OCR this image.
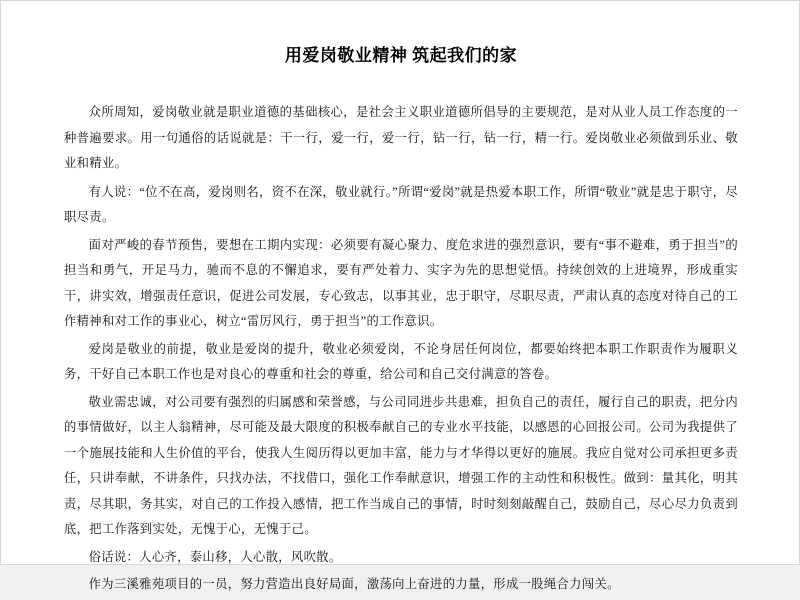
用爱岗敬业精神 筑起我们的家

众所周知，爱岗敬业就是职业道德的基础核心，是社会主义职业道德所倡导的主要规范，是对从业人员工作态度的一种普遍要求。用一句通俗的话说就是：干一行，爱一行，爱一行，钻一行，钻一行，精一行。爱岗敬业必须做到乐业、敬业和精业。

有人说：“位不在高，爱岗则名，资不在深，敬业就行。”所谓“爱岗”就是热爱本职工作，所谓“敬业”就是忠于职守，尽职尽责。

面对严峻的春节预售，要想在工期内实现：必须要有凝心聚力、度危求进的强烈意识，要有“事不避难，勇于担当”的担当和勇气，开足马力，驰而不息的不懈追求，要有严处着力、实字为先的思想觉悟。持续创效的上进境界，形成重实干，讲实效，增强责任意识，促进公司发展，专心致志，以事其业，忠于职守，尽职尽责，严肃认真的态度对待自己的工作精神和对工作的事业心，树立“雷厉风行，勇于担当”的工作意识。

爱岗是敬业的前提，敬业是爱岗的提升，敬业必须爱岗，不论身居任何岗位，都要始终把本职工作职责作为履职义务，干好自己本职工作也是对良心的尊重和社会的尊重，给公司和自己交付满意的答卷。

敬业需忠诚，对公司要有强烈的归属感和荣誉感，与公司同进步共患难，担负自己的责任，履行自己的职责，把分内的事情做好，以主人翁精神，尽可能及最大限度的积极奉献自己的专业水平技能，以感恩的心回报公司。公司为我提供了一个施展技能和人生价值的平台，使我人生阅历得以更加丰富，能力与才华得以更好的施展。我应自觉对公司承担更多责任，只讲奉献，不讲条件，只找办法，不找借口，强化工作奉献意识，增强工作的主动性和积极性。做到：量其化，明其责，尽其职，务其实，对自己的工作投入感情，把工作当成自己的事情，时时刻刻敲醒自己，鼓励自己，尽心尽力负责到底，把工作落到实处，无愧于心，无愧于己。

俗话说：人心齐，泰山移，人心散，风吹散。

作为三溪雅苑项目的一员，努力营造出良好局面，激荡向上奋进的力量，形成一股绳合力闯关。
